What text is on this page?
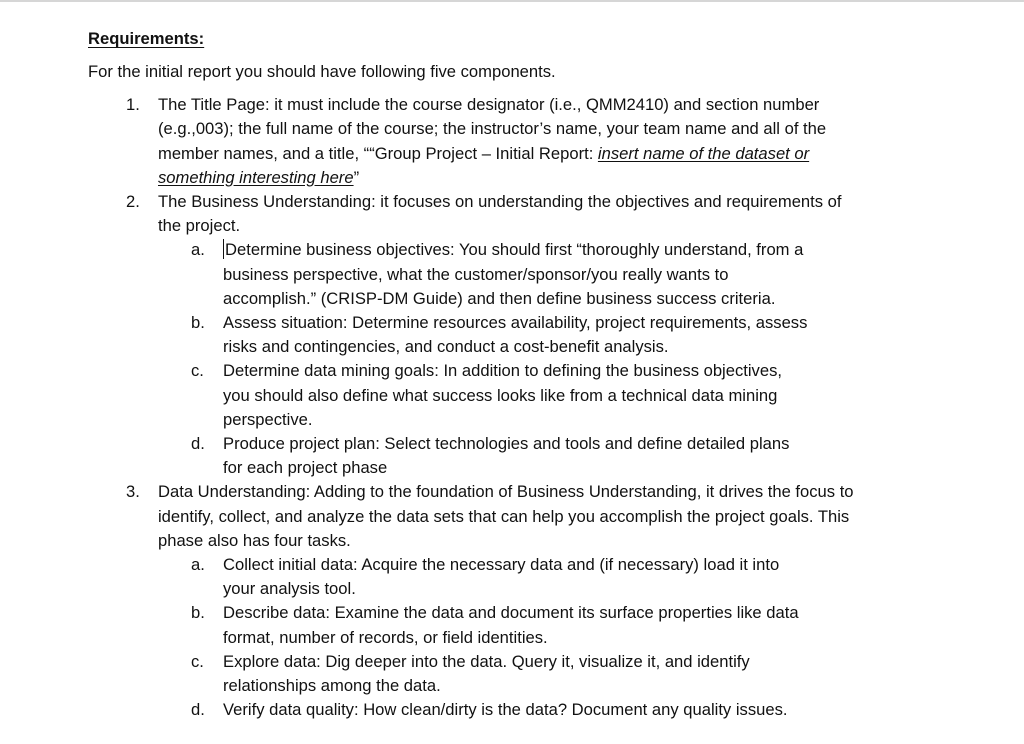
Requirements:

For the initial report you should have following five components.

1. The Title Page: it must include the course designator (i.e., QMM2410) and section number (e.g.,003); the full name of the course; the instructor’s name, your team name and all of the member names, and a title, ““Group Project – Initial Report: insert name of the dataset or something interesting here”
2. The Business Understanding: it focuses on understanding the objectives and requirements of the project.
a. Determine business objectives: You should first “thoroughly understand, from a business perspective, what the customer/sponsor/you really wants to accomplish.” (CRISP-DM Guide) and then define business success criteria.
b. Assess situation: Determine resources availability, project requirements, assess risks and contingencies, and conduct a cost-benefit analysis.
c. Determine data mining goals: In addition to defining the business objectives, you should also define what success looks like from a technical data mining perspective.
d. Produce project plan: Select technologies and tools and define detailed plans for each project phase
3. Data Understanding: Adding to the foundation of Business Understanding, it drives the focus to identify, collect, and analyze the data sets that can help you accomplish the project goals. This phase also has four tasks.
a. Collect initial data: Acquire the necessary data and (if necessary) load it into your analysis tool.
b. Describe data: Examine the data and document its surface properties like data format, number of records, or field identities.
c. Explore data: Dig deeper into the data. Query it, visualize it, and identify relationships among the data.
d. Verify data quality: How clean/dirty is the data? Document any quality issues.
